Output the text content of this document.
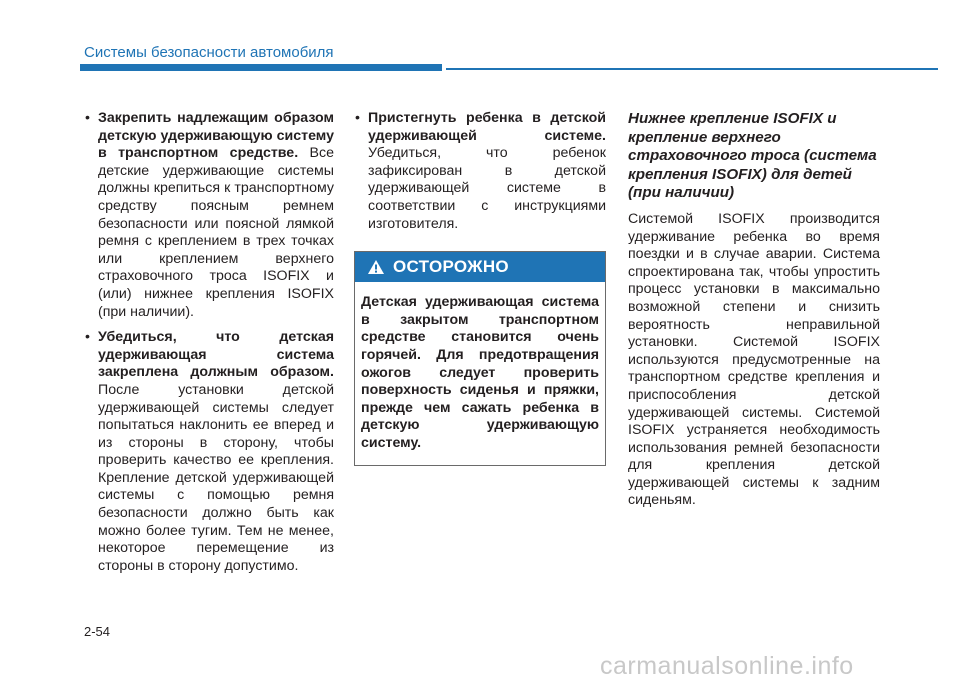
Системы безопасности автомобиля
• Закрепить надлежащим образом детскую удерживающую систему в транспортном средстве. Все детские удерживающие системы должны крепиться к транспортному средству поясным ремнем безопасности или поясной лямкой ремня с креплением в трех точках или креплением верхнего страховочного троса ISOFIX и (или) нижнее крепления ISOFIX (при наличии).
• Убедиться, что детская удерживающая система закреплена должным образом. После установки детской удерживающей системы следует попытаться наклонить ее вперед и из стороны в сторону, чтобы проверить качество ее крепления. Крепление детской удерживающей системы с помощью ремня безопасности должно быть как можно более тугим. Тем не менее, некоторое перемещение из стороны в сторону допустимо.
• Пристегнуть ребенка в детской удерживающей системе. Убедиться, что ребенок зафиксирован в детской удерживающей системе в соответствии с инструкциями изготовителя.
ОСТОРОЖНО
Детская удерживающая система в закрытом транспортном средстве становится очень горячей. Для предотвращения ожогов следует проверить поверхность сиденья и пряжки, прежде чем сажать ребенка в детскую удерживающую систему.
Нижнее крепление ISOFIX и крепление верхнего страховочного троса (система крепления ISOFIX) для детей (при наличии)
Системой ISOFIX производится удерживание ребенка во время поездки и в случае аварии. Система спроектирована так, чтобы упростить процесс установки в максимально возможной степени и снизить вероятность неправильной установки. Системой ISOFIX используются предусмотренные на транспортном средстве крепления и приспособления детской удерживающей системы. Системой ISOFIX устраняется необходимость использования ремней безопасности для крепления детской удерживающей системы к задним сиденьям.
2-54
carmanualsonline.info
